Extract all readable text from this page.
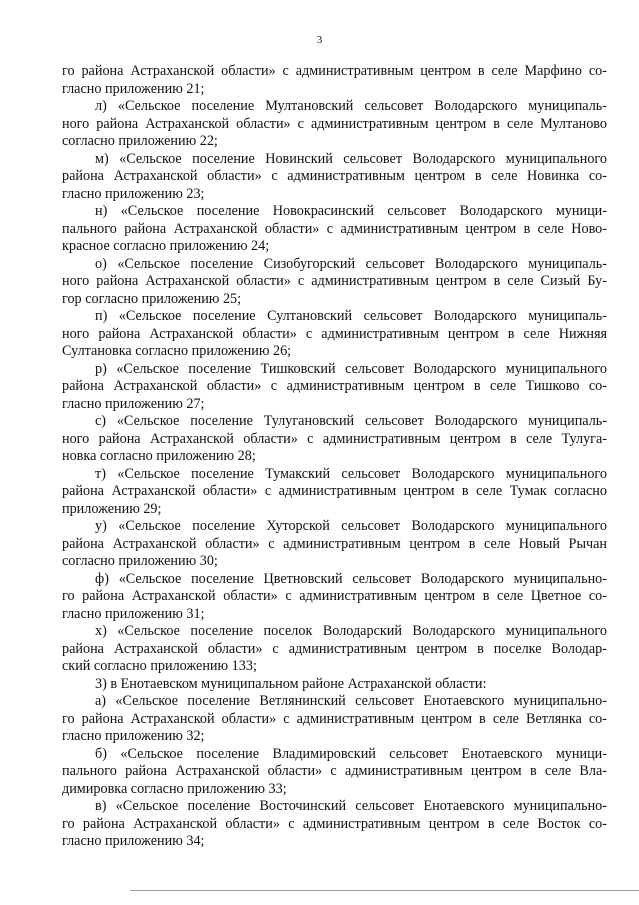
3
го района Астраханской области» с административным центром в селе Марфино со-
гласно приложению 21;
л) «Сельское поселение Мултановский сельсовет Володарского муниципаль-
ного района Астраханской области» с административным центром в селе Мултаново
согласно приложению 22;
м) «Сельское поселение Новинский сельсовет Володарского муниципального
района Астраханской области» с административным центром в селе Новинка со-
гласно приложению 23;
н) «Сельское поселение Новокрасинский сельсовет Володарского муници-
пального района Астраханской области» с административным центром в селе Ново-
красное согласно приложению 24;
о) «Сельское поселение Сизобугорский сельсовет Володарского муниципаль-
ного района Астраханской области» с административным центром в селе Сизый Бу-
гор согласно приложению 25;
п) «Сельское поселение Султановский сельсовет Володарского муниципаль-
ного района Астраханской области» с административным центром в селе Нижняя
Султановка согласно приложению 26;
р) «Сельское поселение Тишковский сельсовет Володарского муниципального
района Астраханской области» с административным центром в селе Тишково со-
гласно приложению 27;
с) «Сельское поселение Тулугановский сельсовет Володарского муниципаль-
ного района Астраханской области» с административным центром в селе Тулуга-
новка согласно приложению 28;
т) «Сельское поселение Тумакский сельсовет Володарского муниципального
района Астраханской области» с административным центром в селе Тумак согласно
приложению 29;
у) «Сельское поселение Хуторской сельсовет Володарского муниципального
района Астраханской области» с административным центром в селе Новый Рычан
согласно приложению 30;
ф) «Сельское поселение Цветновский сельсовет Володарского муниципально-
го района Астраханской области» с административным центром в селе Цветное со-
гласно приложению 31;
х) «Сельское поселение поселок Володарский Володарского муниципального
района Астраханской области» с административным центром в поселке Володар-
ский согласно приложению 133;
3) в Енотаевском муниципальном районе Астраханской области:
а) «Сельское поселение Ветлянинский сельсовет Енотаевского муниципально-
го района Астраханской области» с административным центром в селе Ветлянка со-
гласно приложению 32;
б) «Сельское поселение Владимировский сельсовет Енотаевского муници-
пального района Астраханской области» с административным центром в селе Вла-
димировка согласно приложению 33;
в) «Сельское поселение Восточинский сельсовет Енотаевского муниципально-
го района Астраханской области» с административным центром в селе Восток со-
гласно приложению 34;
